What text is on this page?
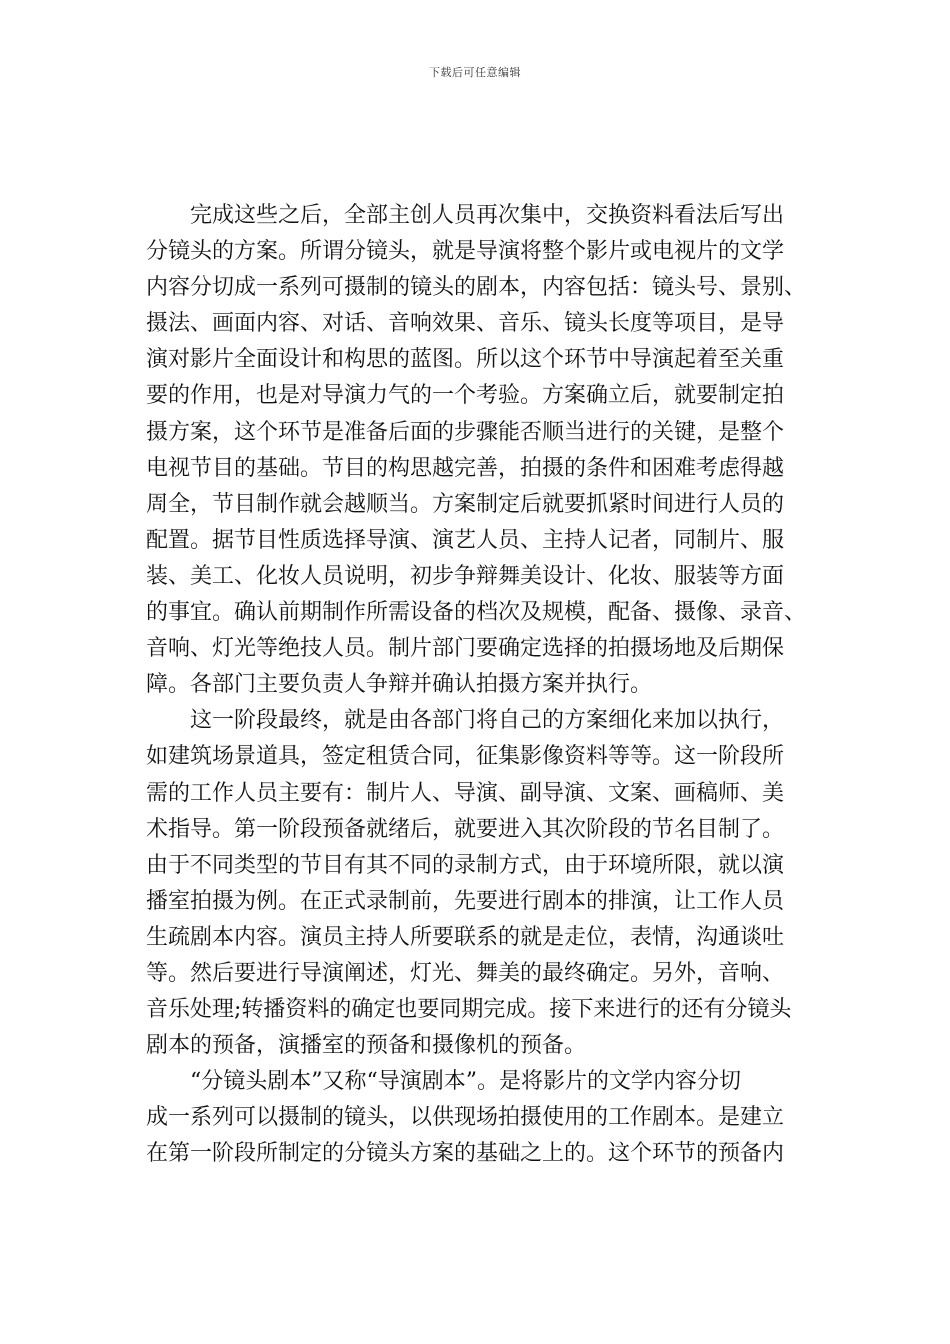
下载后可任意编辑
完成这些之后，全部主创人员再次集中，交换资料看法后写出
分镜头的方案。所谓分镜头，就是导演将整个影片或电视片的文学
内容分切成一系列可摄制的镜头的剧本，内容包括：镜头号、景别、
摄法、画面内容、对话、音响效果、音乐、镜头长度等项目，是导
演对影片全面设计和构思的蓝图。所以这个环节中导演起着至关重
要的作用，也是对导演力气的一个考验。方案确立后，就要制定拍
摄方案，这个环节是准备后面的步骤能否顺当进行的关键，是整个
电视节目的基础。节目的构思越完善，拍摄的条件和困难考虑得越
周全，节目制作就会越顺当。方案制定后就要抓紧时间进行人员的
配置。据节目性质选择导演、演艺人员、主持人记者，同制片、服
装、美工、化妆人员说明，初步争辩舞美设计、化妆、服装等方面
的事宜。确认前期制作所需设备的档次及规模，配备、摄像、录音、
音响、灯光等绝技人员。制片部门要确定选择的拍摄场地及后期保
障。各部门主要负责人争辩并确认拍摄方案并执行。
这一阶段最终，就是由各部门将自己的方案细化来加以执行，
如建筑场景道具，签定租赁合同，征集影像资料等等。这一阶段所
需的工作人员主要有：制片人、导演、副导演、文案、画稿师、美
术指导。第一阶段预备就绪后，就要进入其次阶段的节名目制了。
由于不同类型的节目有其不同的录制方式，由于环境所限，就以演
播室拍摄为例。在正式录制前，先要进行剧本的排演，让工作人员
生疏剧本内容。演员主持人所要联系的就是走位，表情，沟通谈吐
等。然后要进行导演阐述，灯光、舞美的最终确定。另外，音响、
音乐处理;转播资料的确定也要同期完成。接下来进行的还有分镜头
剧本的预备，演播室的预备和摄像机的预备。
“分镜头剧本”又称“导演剧本”。是将影片的文学内容分切
成一系列可以摄制的镜头，以供现场拍摄使用的工作剧本。是建立
在第一阶段所制定的分镜头方案的基础之上的。这个环节的预备内
